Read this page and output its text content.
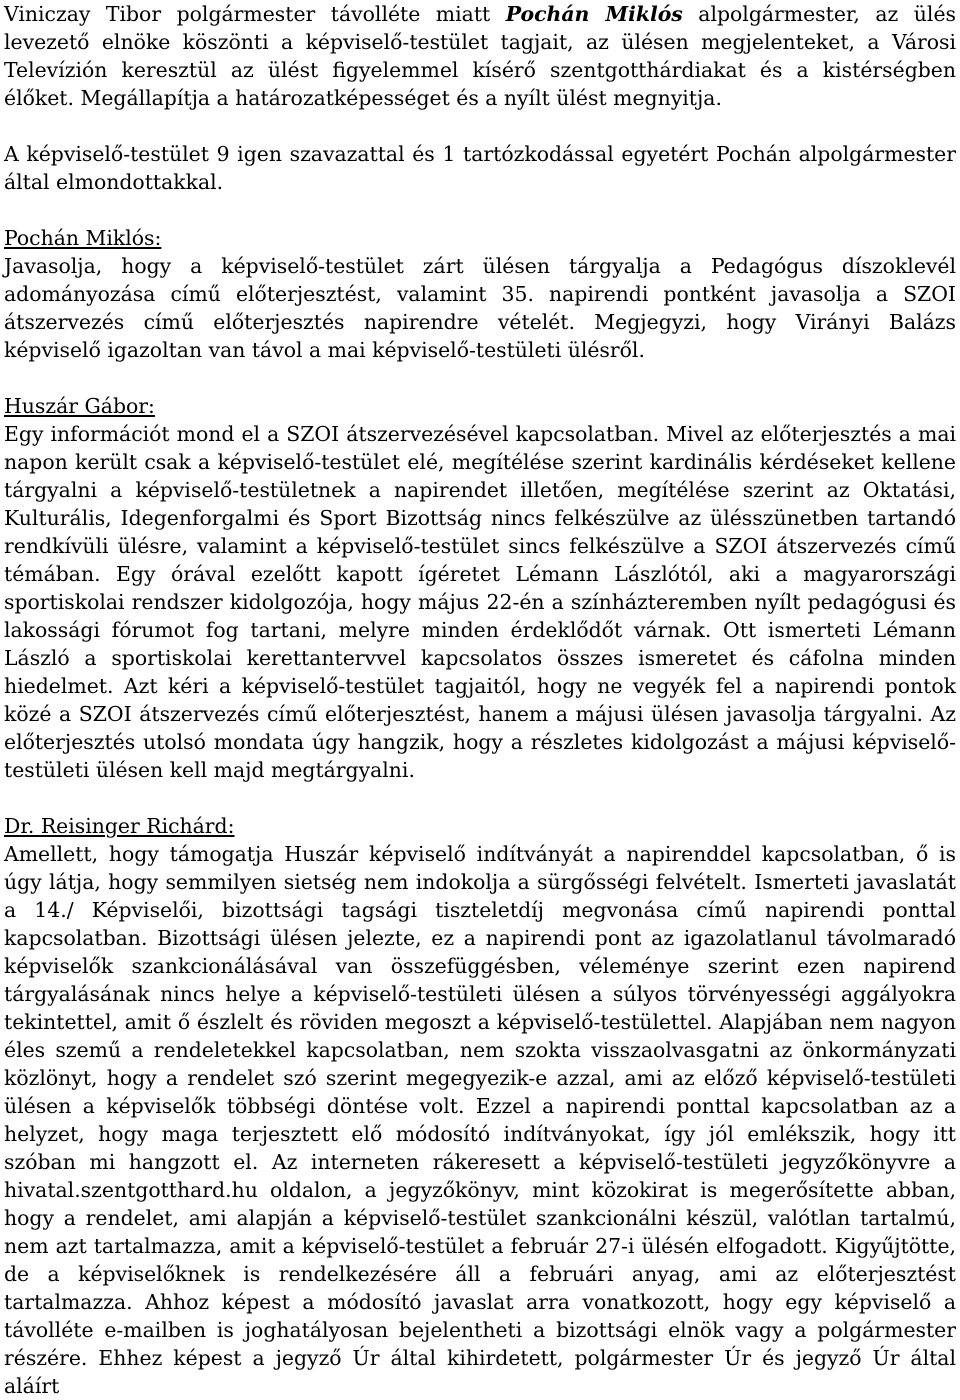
Viniczay Tibor polgármester távolléte miatt Pochán Miklós alpolgármester, az ülés levezető elnöke köszönti a képviselő-testület tagjait, az ülésen megjelenteket, a Városi Televízión keresztül az ülést figyelemmel kísérő szentgotthárdiakat és a kistérségben élőket. Megállapítja a határozatképességet és a nyílt ülést megnyitja.

A képviselő-testület 9 igen szavazattal és 1 tartózkodással egyetért Pochán alpolgármester által elmondottakkal.

Pochán Miklós:

Javasolja, hogy a képviselő-testület zárt ülésen tárgyalja a Pedagógus díszoklevél adományozása című előterjesztést, valamint 35. napirendi pontként javasolja a SZOI átszervezés című előterjesztés napirendre vételét. Megjegyzi, hogy Virányi Balázs képviselő igazoltan van távol a mai képviselő-testületi ülésről.

Huszár Gábor:

Egy információt mond el a SZOI átszervezésével kapcsolatban. Mivel az előterjesztés a mai napon került csak a képviselő-testület elé, megítélése szerint kardinális kérdéseket kellene tárgyalni a képviselő-testületnek a napirendet illetően, megítélése szerint az Oktatási, Kulturális, Idegenforgalmi és Sport Bizottság nincs felkészülve az ülésszünetben tartandó rendkívüli ülésre, valamint a képviselő-testület sincs felkészülve a SZOI átszervezés című témában. Egy órával ezelőtt kapott ígéretet Lémann Lászlótól, aki a magyarországi sportiskolai rendszer kidolgozója, hogy május 22-én a színházteremben nyílt pedagógusi és lakossági fórumot fog tartani, melyre minden érdeklődőt várnak. Ott ismerteti Lémann László a sportiskolai kerettantervvel kapcsolatos összes ismeretet és cáfolna minden hiedelmet. Azt kéri a képviselő-testület tagjaitól, hogy ne vegyék fel a napirendi pontok közé a SZOI átszervezés című előterjesztést, hanem a májusi ülésen javasolja tárgyalni. Az előterjesztés utolsó mondata úgy hangzik, hogy a részletes kidolgozást a májusi képviselő-testületi ülésen kell majd megtárgyalni.

Dr. Reisinger Richárd:

Amellett, hogy támogatja Huszár képviselő indítványát a napirenddel kapcsolatban, ő is úgy látja, hogy semmilyen sietség nem indokolja a sürgősségi felvételt. Ismerteti javaslatát a 14./ Képviselői, bizottsági tagsági tiszteletdíj megvonása című napirendi ponttal kapcsolatban. Bizottsági ülésen jelezte, ez a napirendi pont az igazolatlanul távolmaradó képviselők szankcionálásával van összefüggésben, véleménye szerint ezen napirend tárgyalásának nincs helye a képviselő-testületi ülésen a súlyos törvényességi aggályokra tekintettel, amit ő észlelt és röviden megoszt a képviselő-testülettel. Alapjában nem nagyon éles szemű a rendeletekkel kapcsolatban, nem szokta visszaolvasgatni az önkormányzati közlönyt, hogy a rendelet szó szerint megegyezik-e azzal, ami az előző képviselő-testületi ülésen a képviselők többségi döntése volt. Ezzel a napirendi ponttal kapcsolatban az a helyzet, hogy maga terjesztett elő módosító indítványokat, így jól emlékszik, hogy itt szóban mi hangzott el. Az interneten rákeresett a képviselő-testületi jegyzőkönyvre a hivatal.szentgotthard.hu oldalon, a jegyzőkönyv, mint közokirat is megerősítette abban, hogy a rendelet, ami alapján a képviselő-testület szankcionálni készül, valótlan tartalmú, nem azt tartalmazza, amit a képviselő-testület a február 27-i ülésén elfogadott. Kigyűjtötte, de a képviselőknek is rendelkezésére áll a februári anyag, ami az előterjesztést tartalmazza. Ahhoz képest a módosító javaslat arra vonatkozott, hogy egy képviselő a távolléte e-mailben is joghatályosan bejelentheti a bizottsági elnök vagy a polgármester részére. Ehhez képest a jegyző Úr által kihirdetett, polgármester Úr és jegyző Úr által aláírt
